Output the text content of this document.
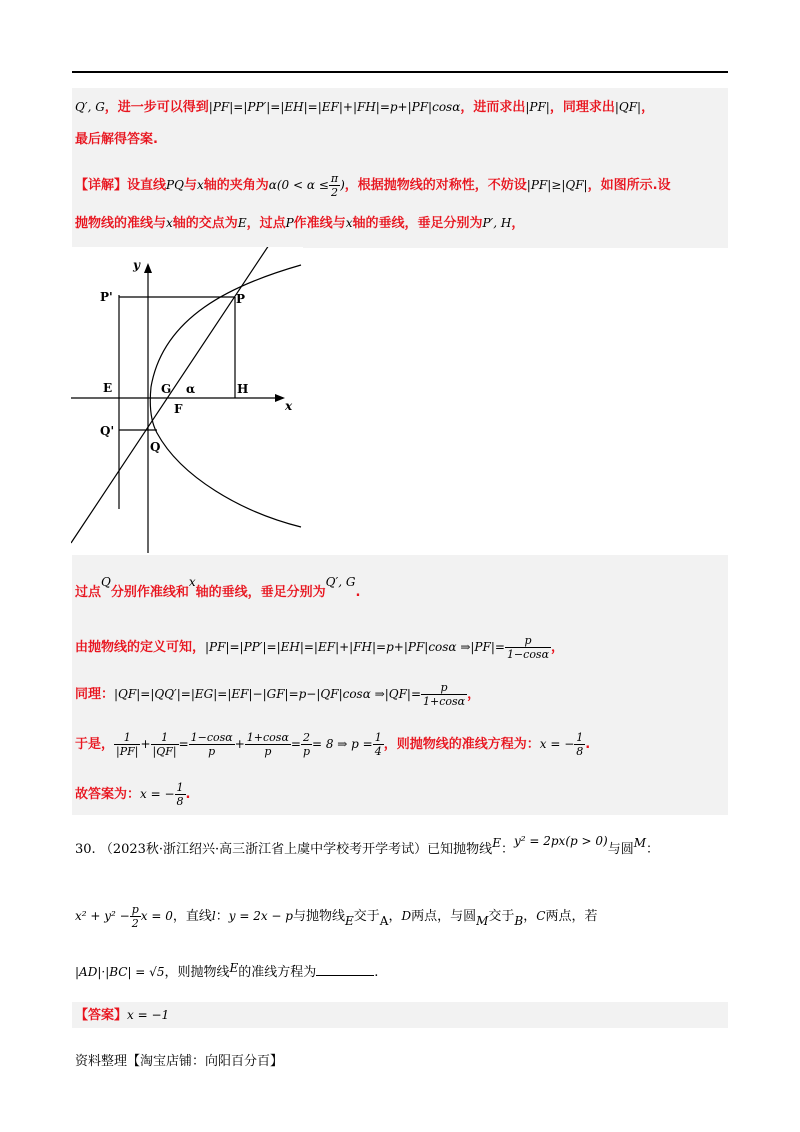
Q′, G，进一步可以得到|PF|=|PP′|=|EH|=|EF|+|FH|=p+|PF|cosα，进而求出|PF|，同理求出|QF|，
最后解得答案.
【详解】设直线PQ与x轴的夹角为$\alpha(0 < \alpha \le \frac{\pi}{2}$ )，根据抛物线的对称性，不妨设|PF|≥|QF|，如图所示.设
抛物线的准线与x轴的交点为E，过点P作准线与x轴的垂线，垂足分别为P′, H，
y
x
P'	P
E	G α	H
F
Q'
Q
过点Q分别作准线和x轴的垂线，垂足分别为Q′, G.
由抛物线的定义可知，|PF|=|PP′|=|EH|=|EF|+|FH|=p+|PF|cosα ⇒|PF|= $\frac{p}{1-\cos\alpha}$ ，
同理：|QF|=|QQ′|=|EG|=|EF|−|GF|=p−|QF|cosα ⇒|QF|= $\frac{p}{1+\cos\alpha}$ ，
于是， $\frac{1}{|PF|} + \frac{1}{|QF|} = \frac{1-\cos\alpha}{p} + \frac{1+\cos\alpha}{p} = \frac{2}{p} = 8$ ⇒ $p = \frac{1}{4}$ ，则抛物线的准线方程为：x = − $\frac{1}{8}$ .
故答案为：x = − $\frac{1}{8}$ .
30. （2023秋·浙江绍兴·高三浙江省上虞中学校考开学考试）已知抛物线E：y² = 2px(p > 0)与圆M：
$x^2 + y^2 - \frac{p}{2}$ x = 0，直线l：y = 2x − p与抛物线E交于A，D两点，与圆M交于B，C两点，若
|AD|·|BC| = √5，则抛物线E的准线方程为	.
【答案】x = −1
资料整理【淘宝店铺：向阳百分百】
